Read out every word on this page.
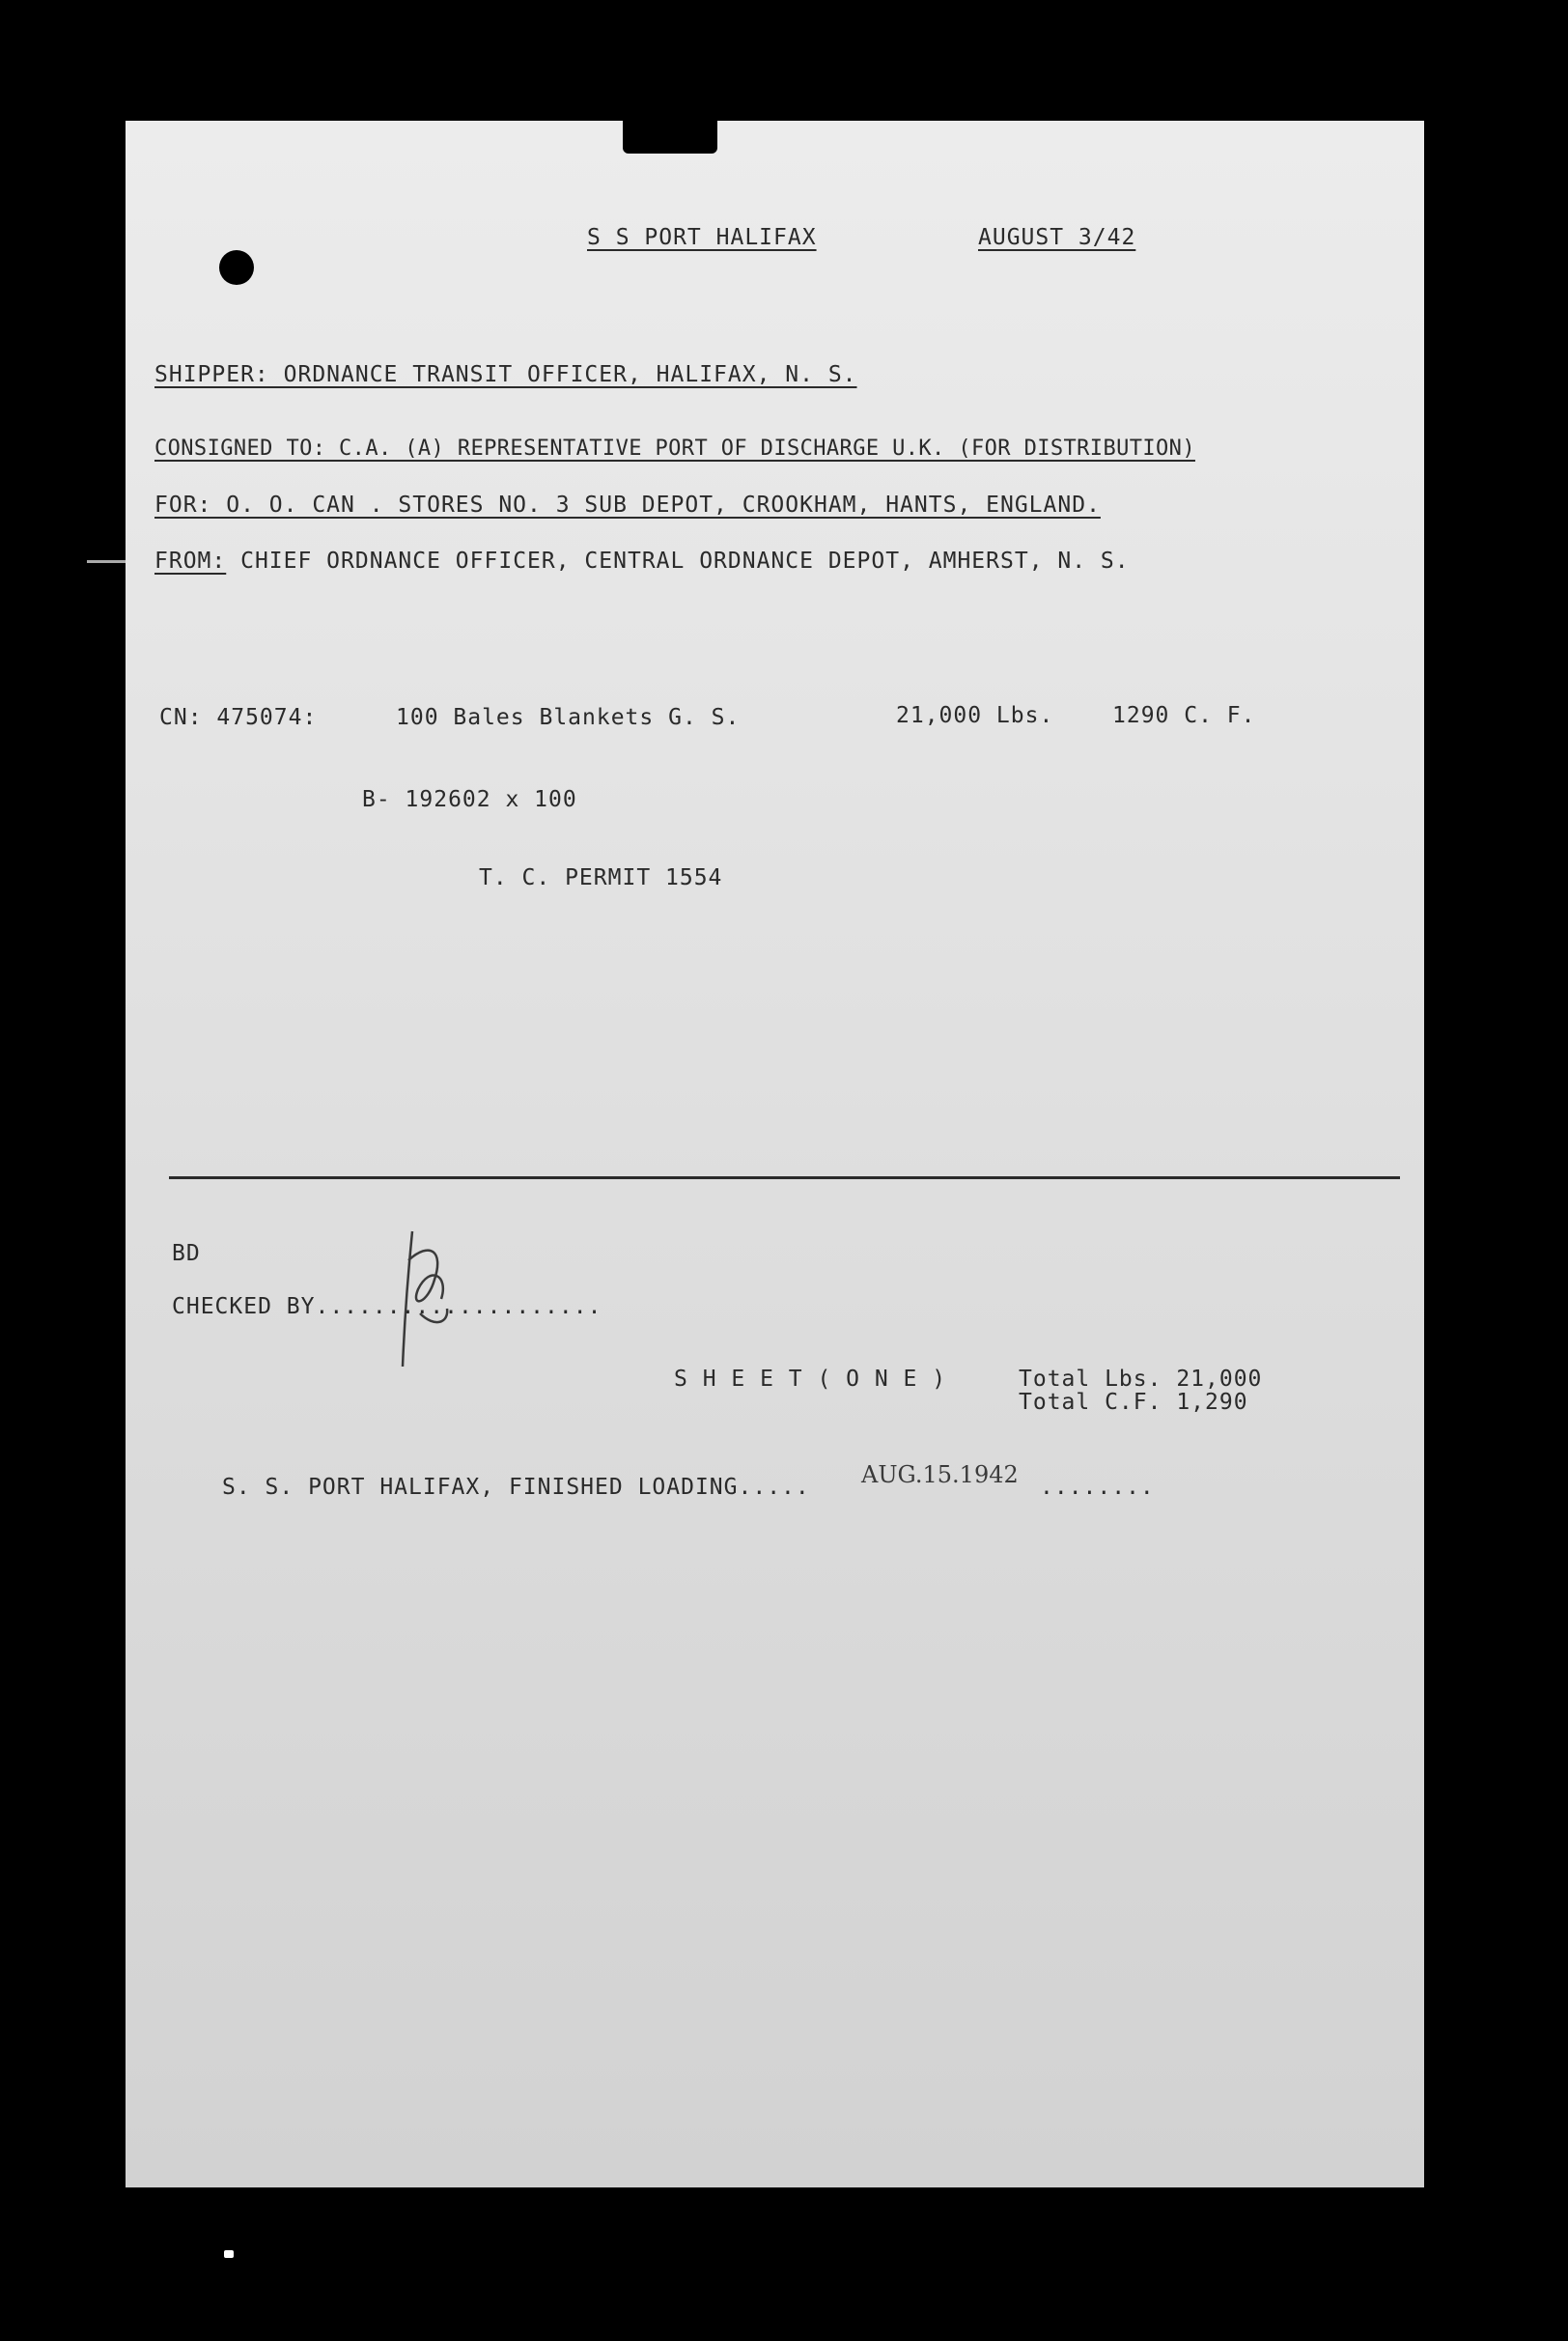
S S PORT HALIFAX	AUGUST 3/42
SHIPPER: ORDNANCE TRANSIT OFFICER, HALIFAX, N. S.
CONSIGNED TO: C.A. (A) REPRESENTATIVE PORT OF DISCHARGE U.K. (FOR DISTRIBUTION)
FOR: O. O. CAN . STORES NO. 3 SUB DEPOT, CROOKHAM, HANTS, ENGLAND.
FROM: CHIEF ORDNANCE OFFICER, CENTRAL ORDNANCE DEPOT, AMHERST, N. S.
CN: 475074:	100 Bales Blankets G. S.	21,000 Lbs.	1290 C. F.
B- 192602 x 100
T. C. PERMIT 1554
BD
CHECKED BY....................
S H E E T ( O N E )	Total Lbs. 21,000
Total C.F. 1,290
S. S. PORT HALIFAX, FINISHED LOADING..... AUG.15.1942 ........
